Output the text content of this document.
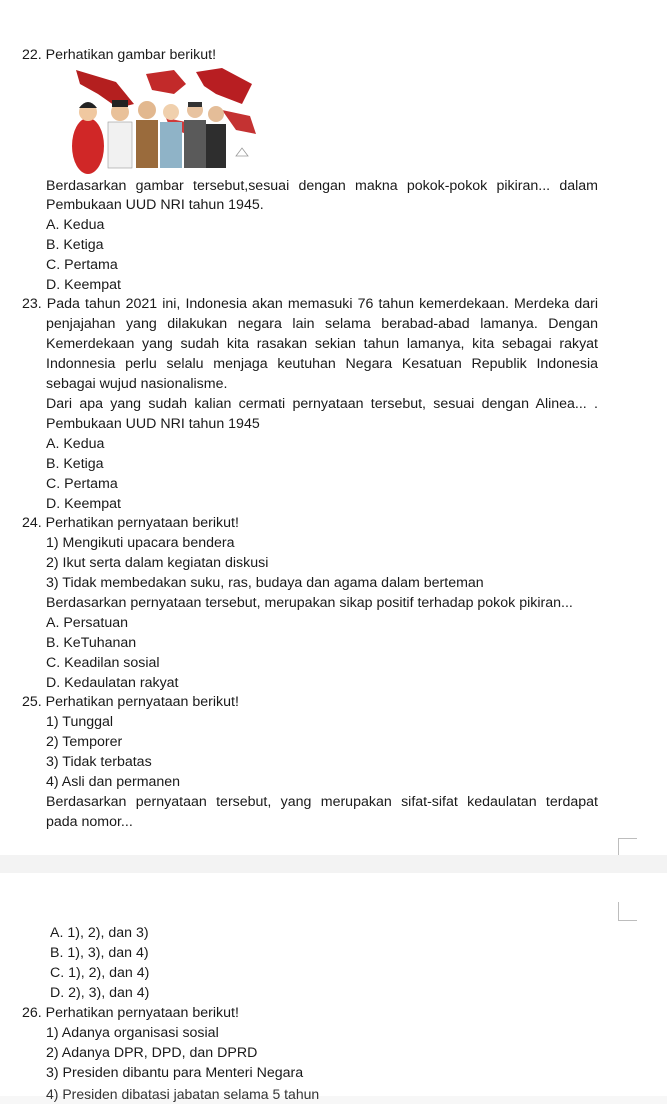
22. Perhatikan gambar berikut!
Berdasarkan gambar tersebut,sesuai dengan makna pokok-pokok pikiran... dalam
Pembukaan UUD NRI tahun 1945.
A. Kedua
B. Ketiga
C. Pertama
D. Keempat
23. Pada tahun 2021 ini, Indonesia akan memasuki 76 tahun kemerdekaan. Merdeka dari
penjajahan yang dilakukan negara lain selama berabad-abad lamanya. Dengan
Kemerdekaan yang sudah kita rasakan sekian tahun lamanya, kita sebagai rakyat
Indonnesia perlu selalu menjaga keutuhan Negara Kesatuan Republik Indonesia
sebagai wujud nasionalisme.
Dari apa yang sudah kalian cermati pernyataan tersebut, sesuai dengan Alinea... .
Pembukaan UUD NRI tahun 1945
A. Kedua
B. Ketiga
C. Pertama
D. Keempat
24. Perhatikan pernyataan berikut!
1) Mengikuti upacara bendera
2) Ikut serta dalam kegiatan diskusi
3) Tidak membedakan suku, ras, budaya dan agama dalam berteman
Berdasarkan pernyataan tersebut, merupakan sikap positif terhadap pokok pikiran...
A. Persatuan
B. KeTuhanan
C. Keadilan sosial
D. Kedaulatan rakyat
25. Perhatikan pernyataan berikut!
1) Tunggal
2) Temporer
3) Tidak terbatas
4) Asli dan permanen
Berdasarkan pernyataan tersebut, yang merupakan sifat-sifat kedaulatan terdapat
pada nomor...
A. 1), 2), dan 3)
B. 1), 3), dan 4)
C. 1), 2), dan 4)
D. 2), 3), dan 4)
26. Perhatikan pernyataan berikut!
1) Adanya organisasi sosial
2) Adanya DPR, DPD, dan DPRD
3) Presiden dibantu para Menteri Negara
4) Presiden dibatasi jabatan selama 5 tahun
